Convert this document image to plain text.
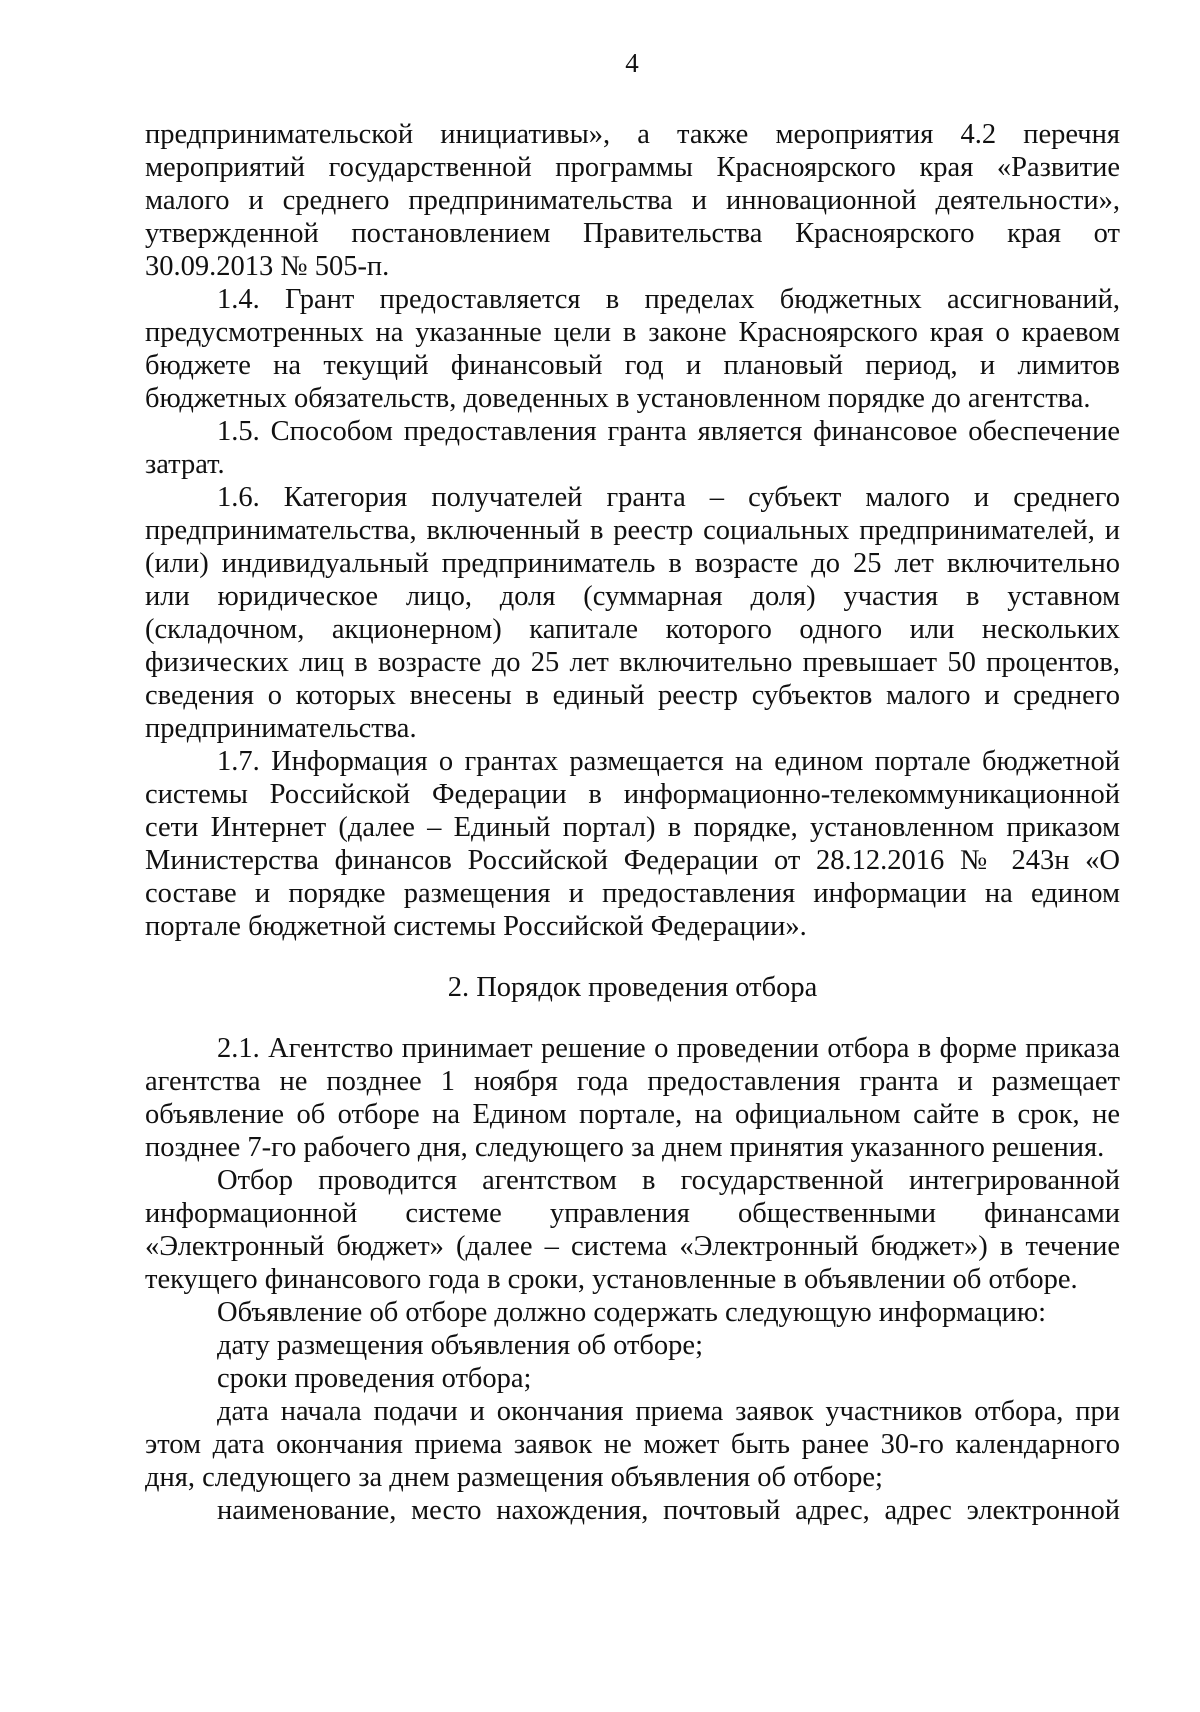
4

предпринимательской инициативы», а также мероприятия 4.2 перечня мероприятий государственной программы Красноярского края «Развитие малого и среднего предпринимательства и инновационной деятельности», утвержденной постановлением Правительства Красноярского края от 30.09.2013 № 505-п.

1.4. Грант предоставляется в пределах бюджетных ассигнований, предусмотренных на указанные цели в законе Красноярского края о краевом бюджете на текущий финансовый год и плановый период, и лимитов бюджетных обязательств, доведенных в установленном порядке до агентства.

1.5. Способом предоставления гранта является финансовое обеспечение затрат.

1.6. Категория получателей гранта – субъект малого и среднего предпринимательства, включенный в реестр социальных предпринимателей, и (или) индивидуальный предприниматель в возрасте до 25 лет включительно или юридическое лицо, доля (суммарная доля) участия в уставном (складочном, акционерном) капитале которого одного или нескольких физических лиц в возрасте до 25 лет включительно превышает 50 процентов, сведения о которых внесены в единый реестр субъектов малого и среднего предпринимательства.

1.7. Информация о грантах размещается на едином портале бюджетной системы Российской Федерации в информационно-телекоммуникационной сети Интернет (далее – Единый портал) в порядке, установленном приказом Министерства финансов Российской Федерации от 28.12.2016 № 243н «О составе и порядке размещения и предоставления информации на едином портале бюджетной системы Российской Федерации».

2. Порядок проведения отбора

2.1. Агентство принимает решение о проведении отбора в форме приказа агентства не позднее 1 ноября года предоставления гранта и размещает объявление об отборе на Едином портале, на официальном сайте в срок, не позднее 7-го рабочего дня, следующего за днем принятия указанного решения.

Отбор проводится агентством в государственной интегрированной информационной системе управления общественными финансами «Электронный бюджет» (далее – система «Электронный бюджет») в течение текущего финансового года в сроки, установленные в объявлении об отборе.

Объявление об отборе должно содержать следующую информацию:

дату размещения объявления об отборе;

сроки проведения отбора;

дата начала подачи и окончания приема заявок участников отбора, при этом дата окончания приема заявок не может быть ранее 30-го календарного дня, следующего за днем размещения объявления об отборе;

наименование, место нахождения, почтовый адрес, адрес электронной
